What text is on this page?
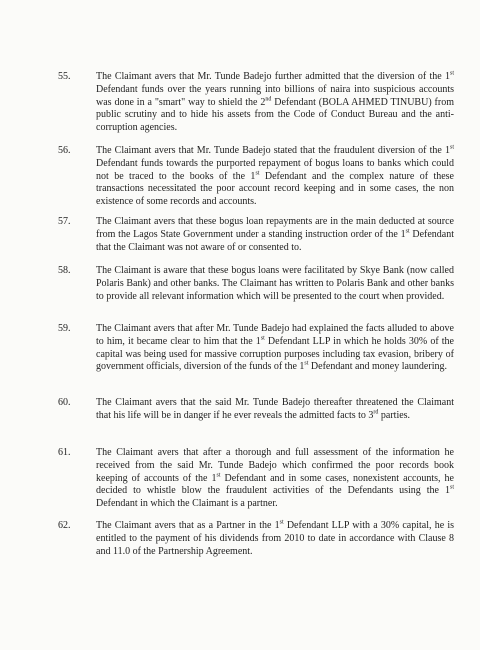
55.	The Claimant avers that Mr. Tunde Badejo further admitted that the diversion of the 1st Defendant funds over the years running into billions of naira into suspicious accounts was done in a "smart" way to shield the 2nd Defendant (BOLA AHMED TINUBU) from public scrutiny and to hide his assets from the Code of Conduct Bureau and the anti-corruption agencies.
56.	The Claimant avers that Mr. Tunde Badejo stated that the fraudulent diversion of the 1st Defendant funds towards the purported repayment of bogus loans to banks which could not be traced to the books of the 1st Defendant and the complex nature of these transactions necessitated the poor account record keeping and in some cases, the non existence of some records and accounts.
57.	The Claimant avers that these bogus loan repayments are in the main deducted at source from the Lagos State Government under a standing instruction order of the 1st Defendant that the Claimant was not aware of or consented to.
58.	The Claimant is aware that these bogus loans were facilitated by Skye Bank (now called Polaris Bank) and other banks. The Claimant has written to Polaris Bank and other banks to provide all relevant information which will be presented to the court when provided.
59.	The Claimant avers that after Mr. Tunde Badejo had explained the facts alluded to above to him, it became clear to him that the 1st Defendant LLP in which he holds 30% of the capital was being used for massive corruption purposes including tax evasion, bribery of government officials, diversion of the funds of the 1st Defendant and money laundering.
60.	The Claimant avers that the said Mr. Tunde Badejo thereafter threatened the Claimant that his life will be in danger if he ever reveals the admitted facts to 3rd parties.
61.	The Claimant avers that after a thorough and full assessment of the information he received from the said Mr. Tunde Badejo which confirmed the poor records book keeping of accounts of the 1st Defendant and in some cases, nonexistent accounts, he decided to whistle blow the fraudulent activities of the Defendants using the 1st Defendant in which the Claimant is a partner.
62.	The Claimant avers that as a Partner in the 1st Defendant LLP with a 30% capital, he is entitled to the payment of his dividends from 2010 to date in accordance with Clause 8 and 11.0 of the Partnership Agreement.
